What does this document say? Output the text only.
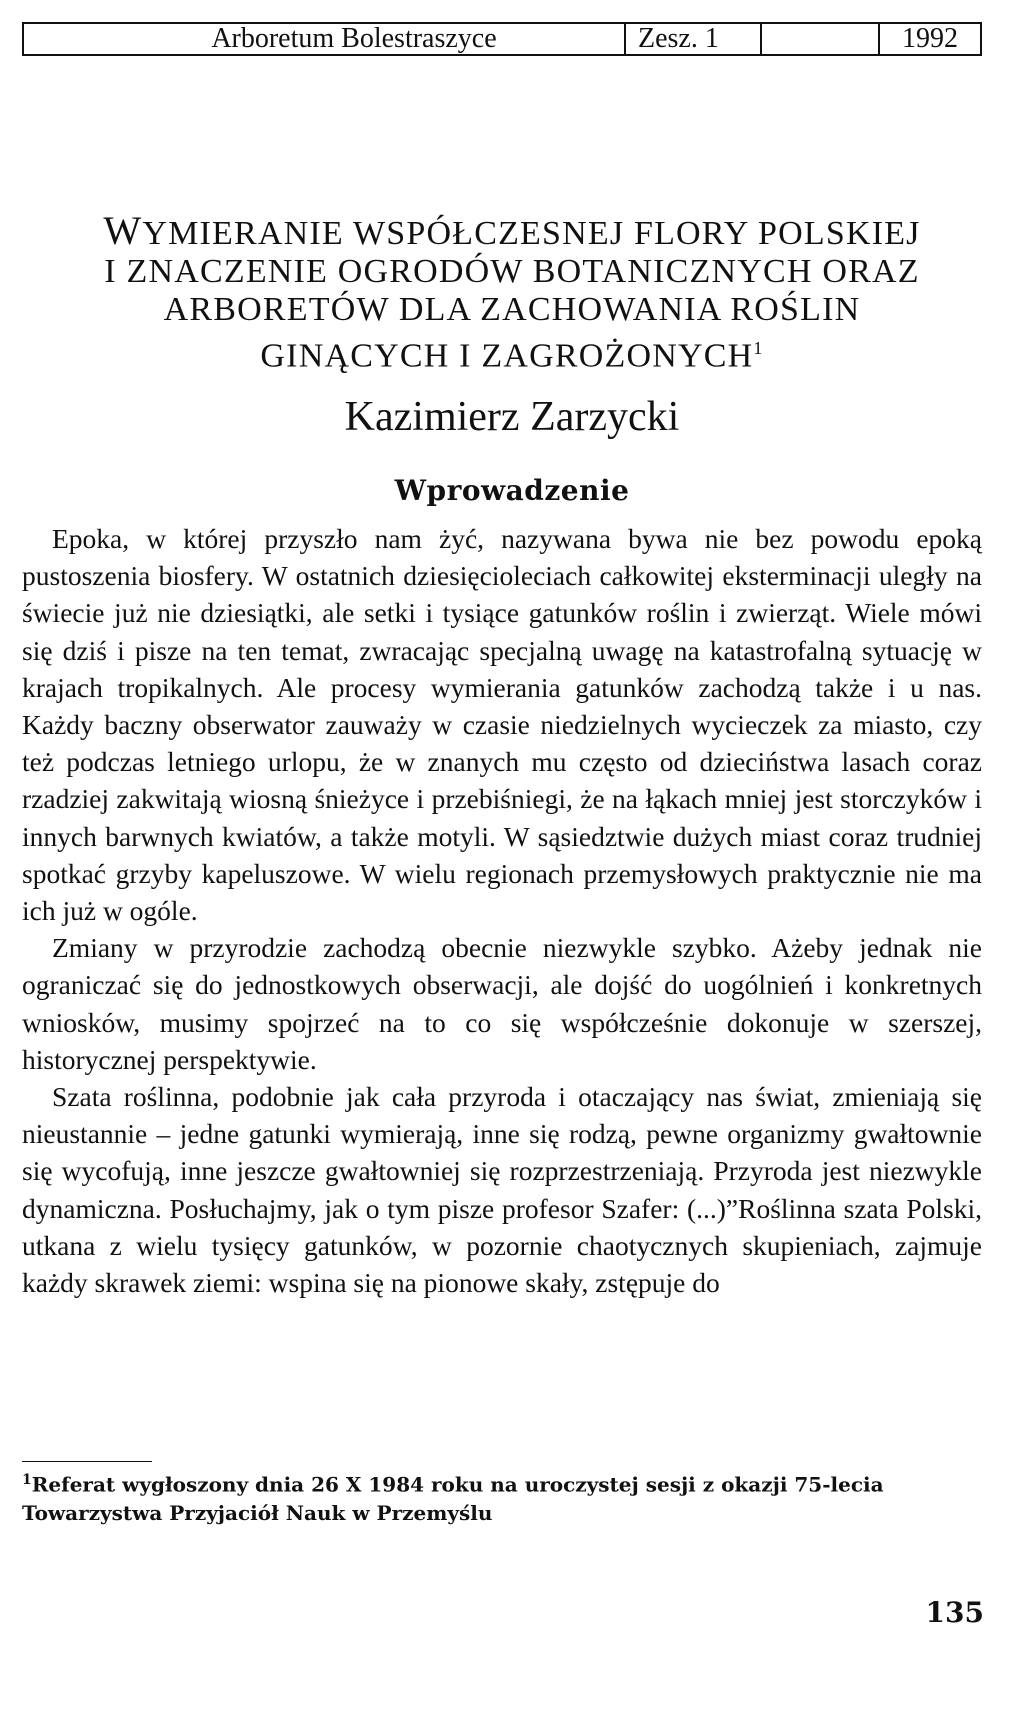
Arboretum Bolestraszyce	Zesz. 1	1992
WYMIERANIE WSPÓŁCZESNEJ FLORY POLSKIEJ
I ZNACZENIE OGRODÓW BOTANICZNYCH ORAZ
ARBORETÓW DLA ZACHOWANIA ROŚLIN
GINĄCYCH I ZAGROŻONYCH$^1$
Kazimierz Zarzycki
Wprowadzenie

Epoka, w której przyszło nam żyć, nazywana bywa nie bez powodu epoką pustoszenia biosfery. W ostatnich dziesięcioleciach całkowitej eksterminacji uległy na świecie już nie dziesiątki, ale setki i tysiące gatunków roślin i zwierząt. Wiele mówi się dziś i pisze na ten temat, zwracając specjalną uwagę na katastrofalną sytuację w krajach tropikalnych. Ale procesy wymierania gatunków zachodzą także i u nas. Każdy baczny obserwator zauważy w czasie niedzielnych wycieczek za miasto, czy też podczas letniego urlopu, że w znanych mu często od dzieciństwa lasach coraz rzadziej zakwitają wiosną śnieżyce i przebiśniegi, że na łąkach mniej jest storczyków i innych barwnych kwiatów, a także motyli. W sąsiedztwie dużych miast coraz trudniej spotkać grzyby kapeluszowe. W wielu regionach przemysłowych praktycznie nie ma ich już w ogóle.

Zmiany w przyrodzie zachodzą obecnie niezwykle szybko. Ażeby jednak nie ograniczać się do jednostkowych obserwacji, ale dojść do uogólnień i konkretnych wniosków, musimy spojrzeć na to co się współcześnie dokonuje w szerszej, historycznej perspektywie.

Szata roślinna, podobnie jak cała przyroda i otaczający nas świat, zmieniają się nieustannie – jedne gatunki wymierają, inne się rodzą, pewne organizmy gwałtownie się wycofują, inne jeszcze gwałtowniej się rozprzestrzeniają. Przyroda jest niezwykle dynamiczna. Posłuchajmy, jak o tym pisze profesor Szafer: (...)”Roślinna szata Polski, utkana z wielu tysięcy gatunków, w pozornie chaotycznych skupieniach, zajmuje każdy skrawek ziemi: wspina się na pionowe skały, zstępuje do

$^1$Referat wygłoszony dnia 26 X 1984 roku na uroczystej sesji z okazji 75-lecia Towarzystwa Przyjaciół Nauk w Przemyślu
135
